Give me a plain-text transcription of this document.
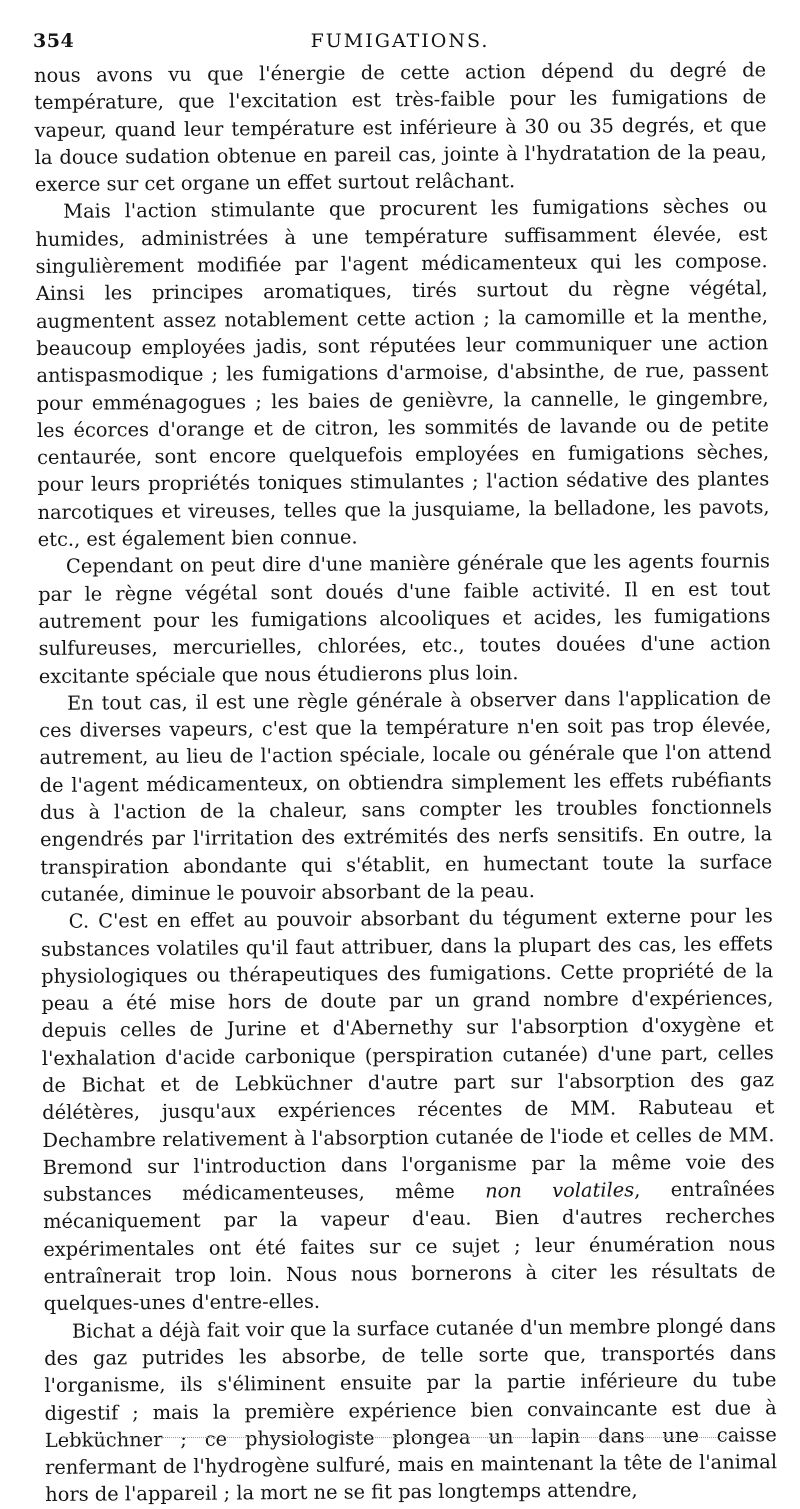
354	FUMIGATIONS.

nous avons vu que l'énergie de cette action dépend du degré de température, que l'excitation est très-faible pour les fumigations de vapeur, quand leur température est inférieure à 30 ou 35 degrés, et que la douce sudation obtenue en pareil cas, jointe à l'hydratation de la peau, exerce sur cet organe un effet surtout relâchant.

Mais l'action stimulante que procurent les fumigations sèches ou humides, administrées à une température suffisamment élevée, est singulièrement modifiée par l'agent médicamenteux qui les compose. Ainsi les principes aromatiques, tirés surtout du règne végétal, augmentent assez notablement cette action ; la camomille et la menthe, beaucoup employées jadis, sont réputées leur communiquer une action antispasmodique ; les fumigations d'armoise, d'absinthe, de rue, passent pour emménagogues ; les baies de genièvre, la cannelle, le gingembre, les écorces d'orange et de citron, les sommités de lavande ou de petite centaurée, sont encore quelquefois employées en fumigations sèches, pour leurs propriétés toniques stimulantes ; l'action sédative des plantes narcotiques et vireuses, telles que la jusquiame, la belladone, les pavots, etc., est également bien connue.

Cependant on peut dire d'une manière générale que les agents fournis par le règne végétal sont doués d'une faible activité. Il en est tout autrement pour les fumigations alcooliques et acides, les fumigations sulfureuses, mercurielles, chlorées, etc., toutes douées d'une action excitante spéciale que nous étudierons plus loin.

En tout cas, il est une règle générale à observer dans l'application de ces diverses vapeurs, c'est que la température n'en soit pas trop élevée, autrement, au lieu de l'action spéciale, locale ou générale que l'on attend de l'agent médicamenteux, on obtiendra simplement les effets rubéfiants dus à l'action de la chaleur, sans compter les troubles fonctionnels engendrés par l'irritation des extrémités des nerfs sensitifs. En outre, la transpiration abondante qui s'établit, en humectant toute la surface cutanée, diminue le pouvoir absorbant de la peau.

C. C'est en effet au pouvoir absorbant du tégument externe pour les substances volatiles qu'il faut attribuer, dans la plupart des cas, les effets physiologiques ou thérapeutiques des fumigations. Cette propriété de la peau a été mise hors de doute par un grand nombre d'expériences, depuis celles de Jurine et d'Abernethy sur l'absorption d'oxygène et l'exhalation d'acide carbonique (perspiration cutanée) d'une part, celles de Bichat et de Lebküchner d'autre part sur l'absorption des gaz délétères, jusqu'aux expériences récentes de MM. Rabuteau et Dechambre relativement à l'absorption cutanée de l'iode et celles de MM. Bremond sur l'introduction dans l'organisme par la même voie des substances médicamenteuses, même non volatiles, entraînées mécaniquement par la vapeur d'eau. Bien d'autres recherches expérimentales ont été faites sur ce sujet ; leur énumération nous entraînerait trop loin. Nous nous bornerons à citer les résultats de quelques-unes d'entre-elles.

Bichat a déjà fait voir que la surface cutanée d'un membre plongé dans des gaz putrides les absorbe, de telle sorte que, transportés dans l'organisme, ils s'éliminent ensuite par la partie inférieure du tube digestif ; mais la première expérience bien convaincante est due à Lebküchner ; ce physiologiste plongea un lapin dans une caisse renfermant de l'hydrogène sulfuré, mais en maintenant la tête de l'animal hors de l'appareil ; la mort ne se fit pas longtemps attendre,
